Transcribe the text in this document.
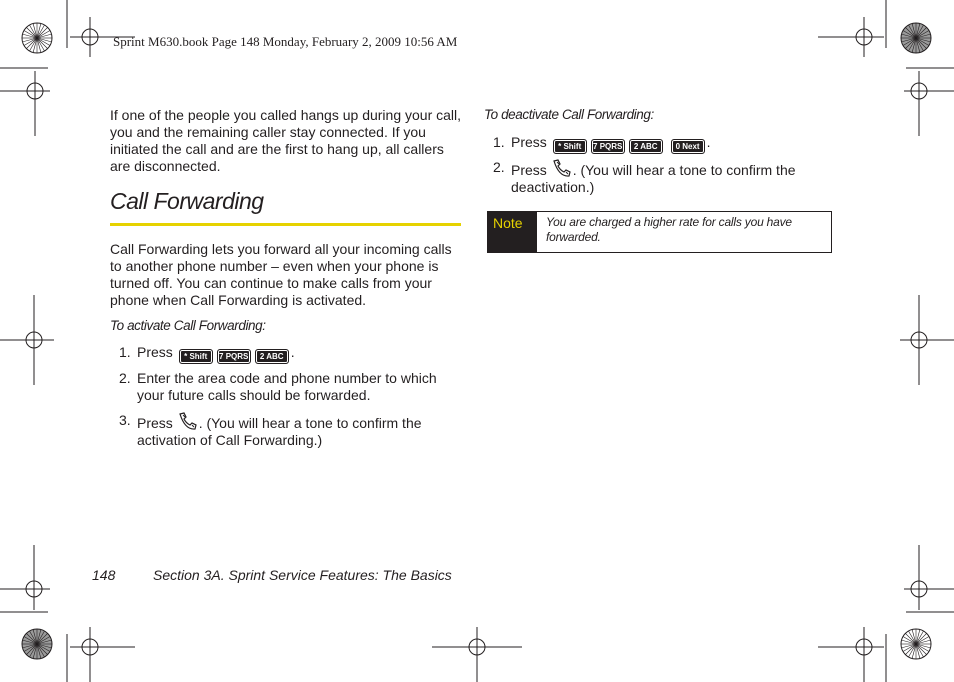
Sprint M630.book Page 148 Monday, February 2, 2009 10:56 AM
If one of the people you called hangs up during your call, you and the remaining caller stay connected. If you initiated the call and are the first to hang up, all callers are disconnected.
Call Forwarding
Call Forwarding lets you forward all your incoming calls to another phone number – even when your phone is turned off. You can continue to make calls from your phone when Call Forwarding is activated.
To activate Call Forwarding:
1. Press * Shift 7 PQRS 2 ABC .
2. Enter the area code and phone number to which your future calls should be forwarded.
3. Press . (You will hear a tone to confirm the activation of Call Forwarding.)
To deactivate Call Forwarding:
1. Press * Shift 7 PQRS 2 ABC 0 Next .
2. Press . (You will hear a tone to confirm the deactivation.)
Note	You are charged a higher rate for calls you have forwarded.
148	Section 3A. Sprint Service Features: The Basics
